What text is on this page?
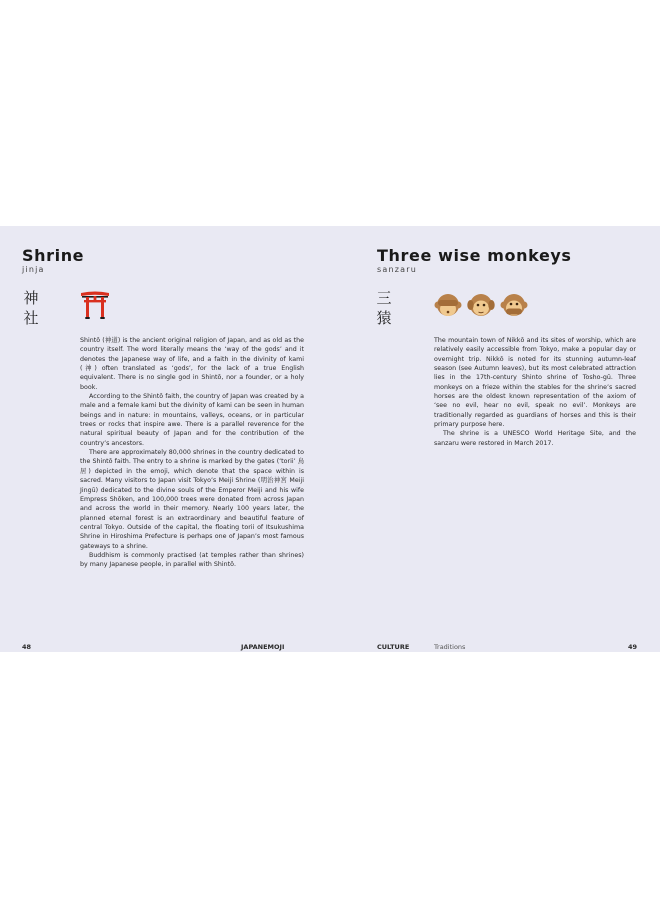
Shrine
jinja
神
社

Shintō (神道) is the ancient original religion of Japan, and as old as the country itself. The word literally means the ‘way of the gods’ and it denotes the Japanese way of life, and a faith in the divinity of kami (神) often translated as ‘gods’, for the lack of a true English equivalent. There is no single god in Shintō, nor a founder, or a holy book.

According to the Shintō faith, the country of Japan was created by a male and a female kami but the divinity of kami can be seen in human beings and in nature: in mountains, valleys, oceans, or in particular trees or rocks that inspire awe. There is a parallel reverence for the natural spiritual beauty of Japan and for the contribution of the country’s ancestors.

There are approximately 80,000 shrines in the country dedicated to the Shintō faith. The entry to a shrine is marked by the gates (‘torii’ 鳥居) depicted in the emoji, which denote that the space within is sacred. Many visitors to Japan visit Tokyo’s Meiji Shrine (明治神宮 Meiji Jingū) dedicated to the divine souls of the Emperor Meiji and his wife Empress Shōken, and 100,000 trees were donated from across Japan and across the world in their memory. Nearly 100 years later, the planned eternal forest is an extraordinary and beautiful feature of central Tokyo. Outside of the capital, the floating torii of Itsukushima Shrine in Hiroshima Prefecture is perhaps one of Japan’s most famous gateways to a shrine.

Buddhism is commonly practised (at temples rather than shrines) by many Japanese people, in parallel with Shintō.

48	JAPANEMOJI
Three wise monkeys
sanzaru
三
猿

The mountain town of Nikkō and its sites of worship, which are relatively easily accessible from Tokyo, make a popular day or overnight trip. Nikkō is noted for its stunning autumn-leaf season (see Autumn leaves), but its most celebrated attraction lies in the 17th-century Shinto shrine of Tosho-gū. Three monkeys on a frieze within the stables for the shrine’s sacred horses are the oldest known representation of the axiom of ‘see no evil, hear no evil, speak no evil’. Monkeys are traditionally regarded as guardians of horses and this is their primary purpose here.

The shrine is a UNESCO World Heritage Site, and the sanzaru were restored in March 2017.

CULTURE	Traditions	49
